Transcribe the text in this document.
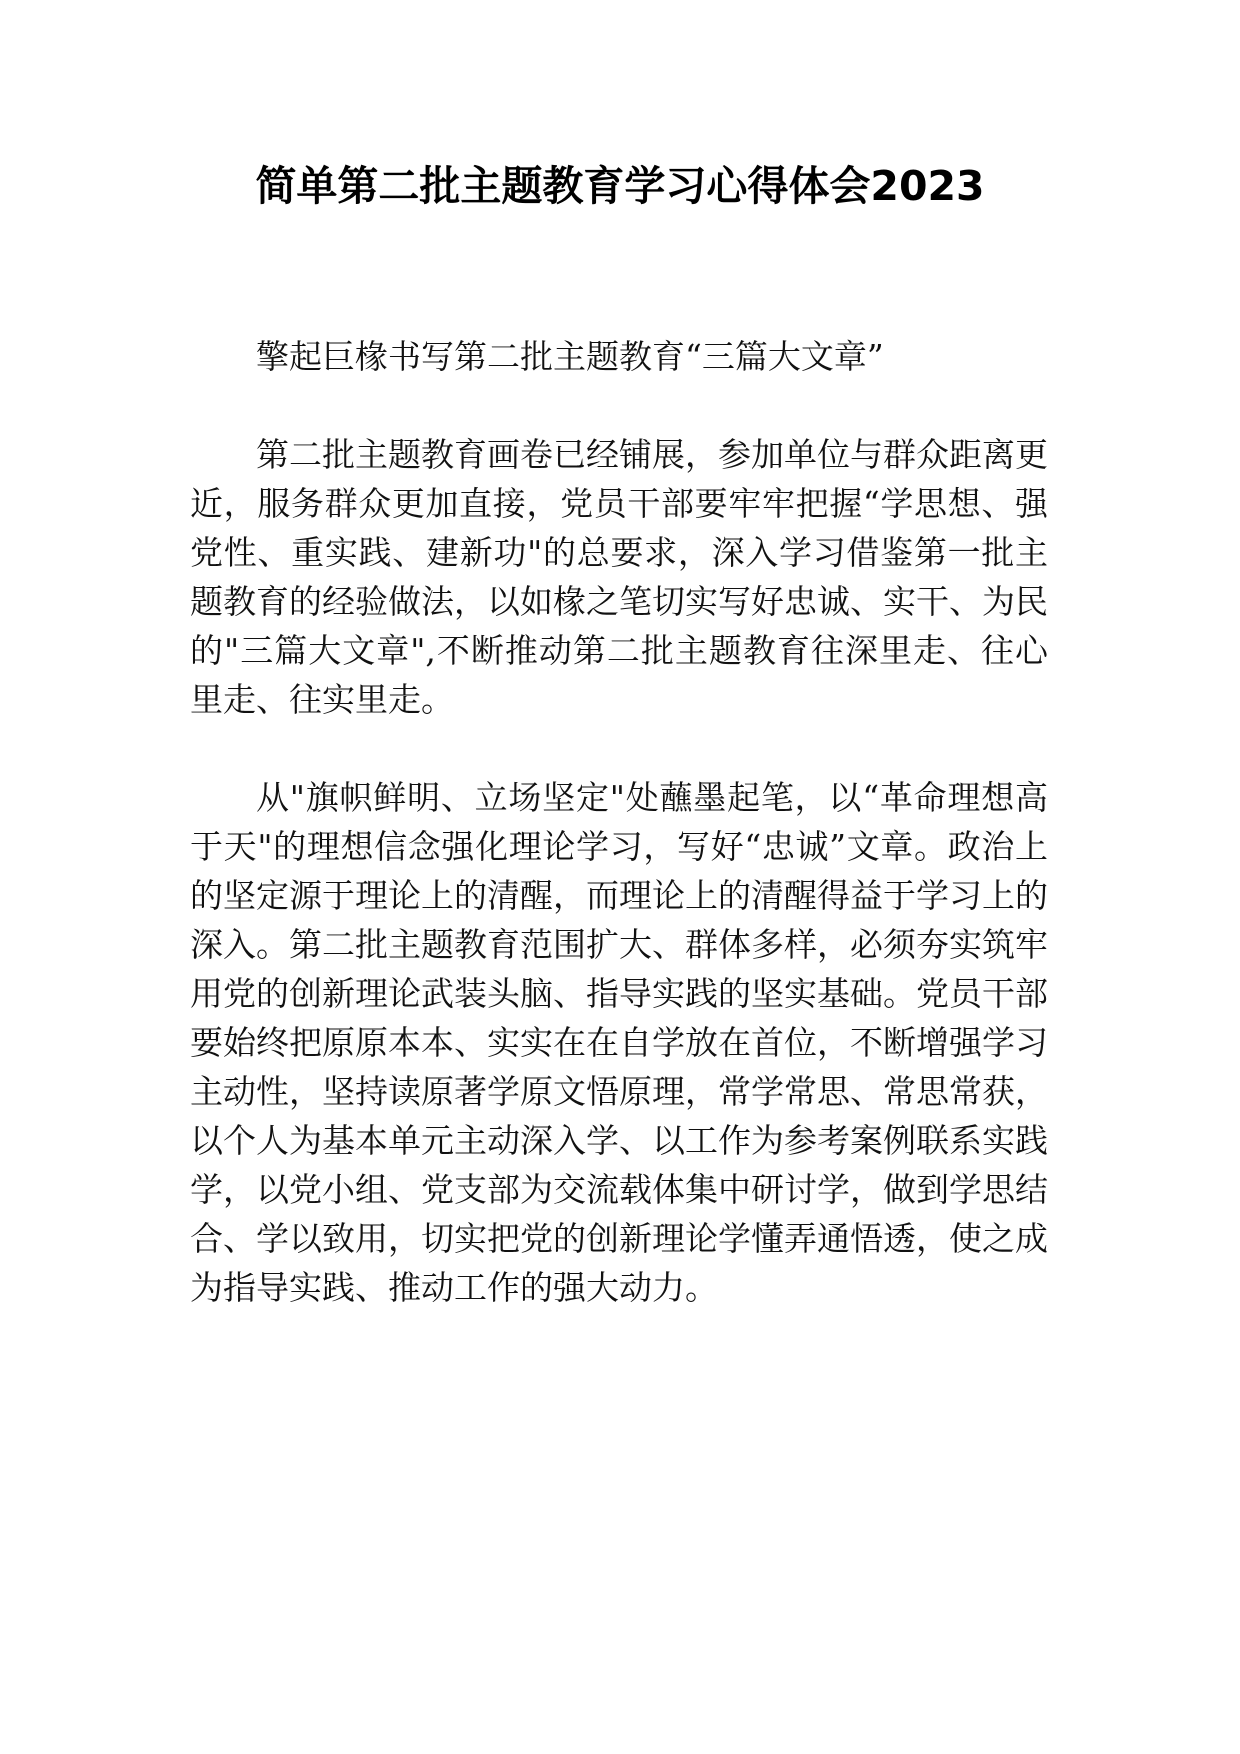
简单第二批主题教育学习心得体会2023

擎起巨椽书写第二批主题教育“三篇大文章”

第二批主题教育画卷已经铺展，参加单位与群众距离更近，服务群众更加直接，党员干部要牢牢把握“学思想、强党性、重实践、建新功"的总要求，深入学习借鉴第一批主题教育的经验做法，以如椽之笔切实写好忠诚、实干、为民的"三篇大文章",不断推动第二批主题教育往深里走、往心里走、往实里走。

从"旗帜鲜明、立场坚定"处蘸墨起笔，以“革命理想高于天"的理想信念强化理论学习，写好“忠诚”文章。政治上的坚定源于理论上的清醒，而理论上的清醒得益于学习上的深入。第二批主题教育范围扩大、群体多样，必须夯实筑牢用党的创新理论武装头脑、指导实践的坚实基础。党员干部要始终把原原本本、实实在在自学放在首位，不断增强学习主动性，坚持读原著学原文悟原理，常学常思、常思常获，以个人为基本单元主动深入学、以工作为参考案例联系实践学，以党小组、党支部为交流载体集中研讨学，做到学思结合、学以致用，切实把党的创新理论学懂弄通悟透，使之成为指导实践、推动工作的强大动力。
